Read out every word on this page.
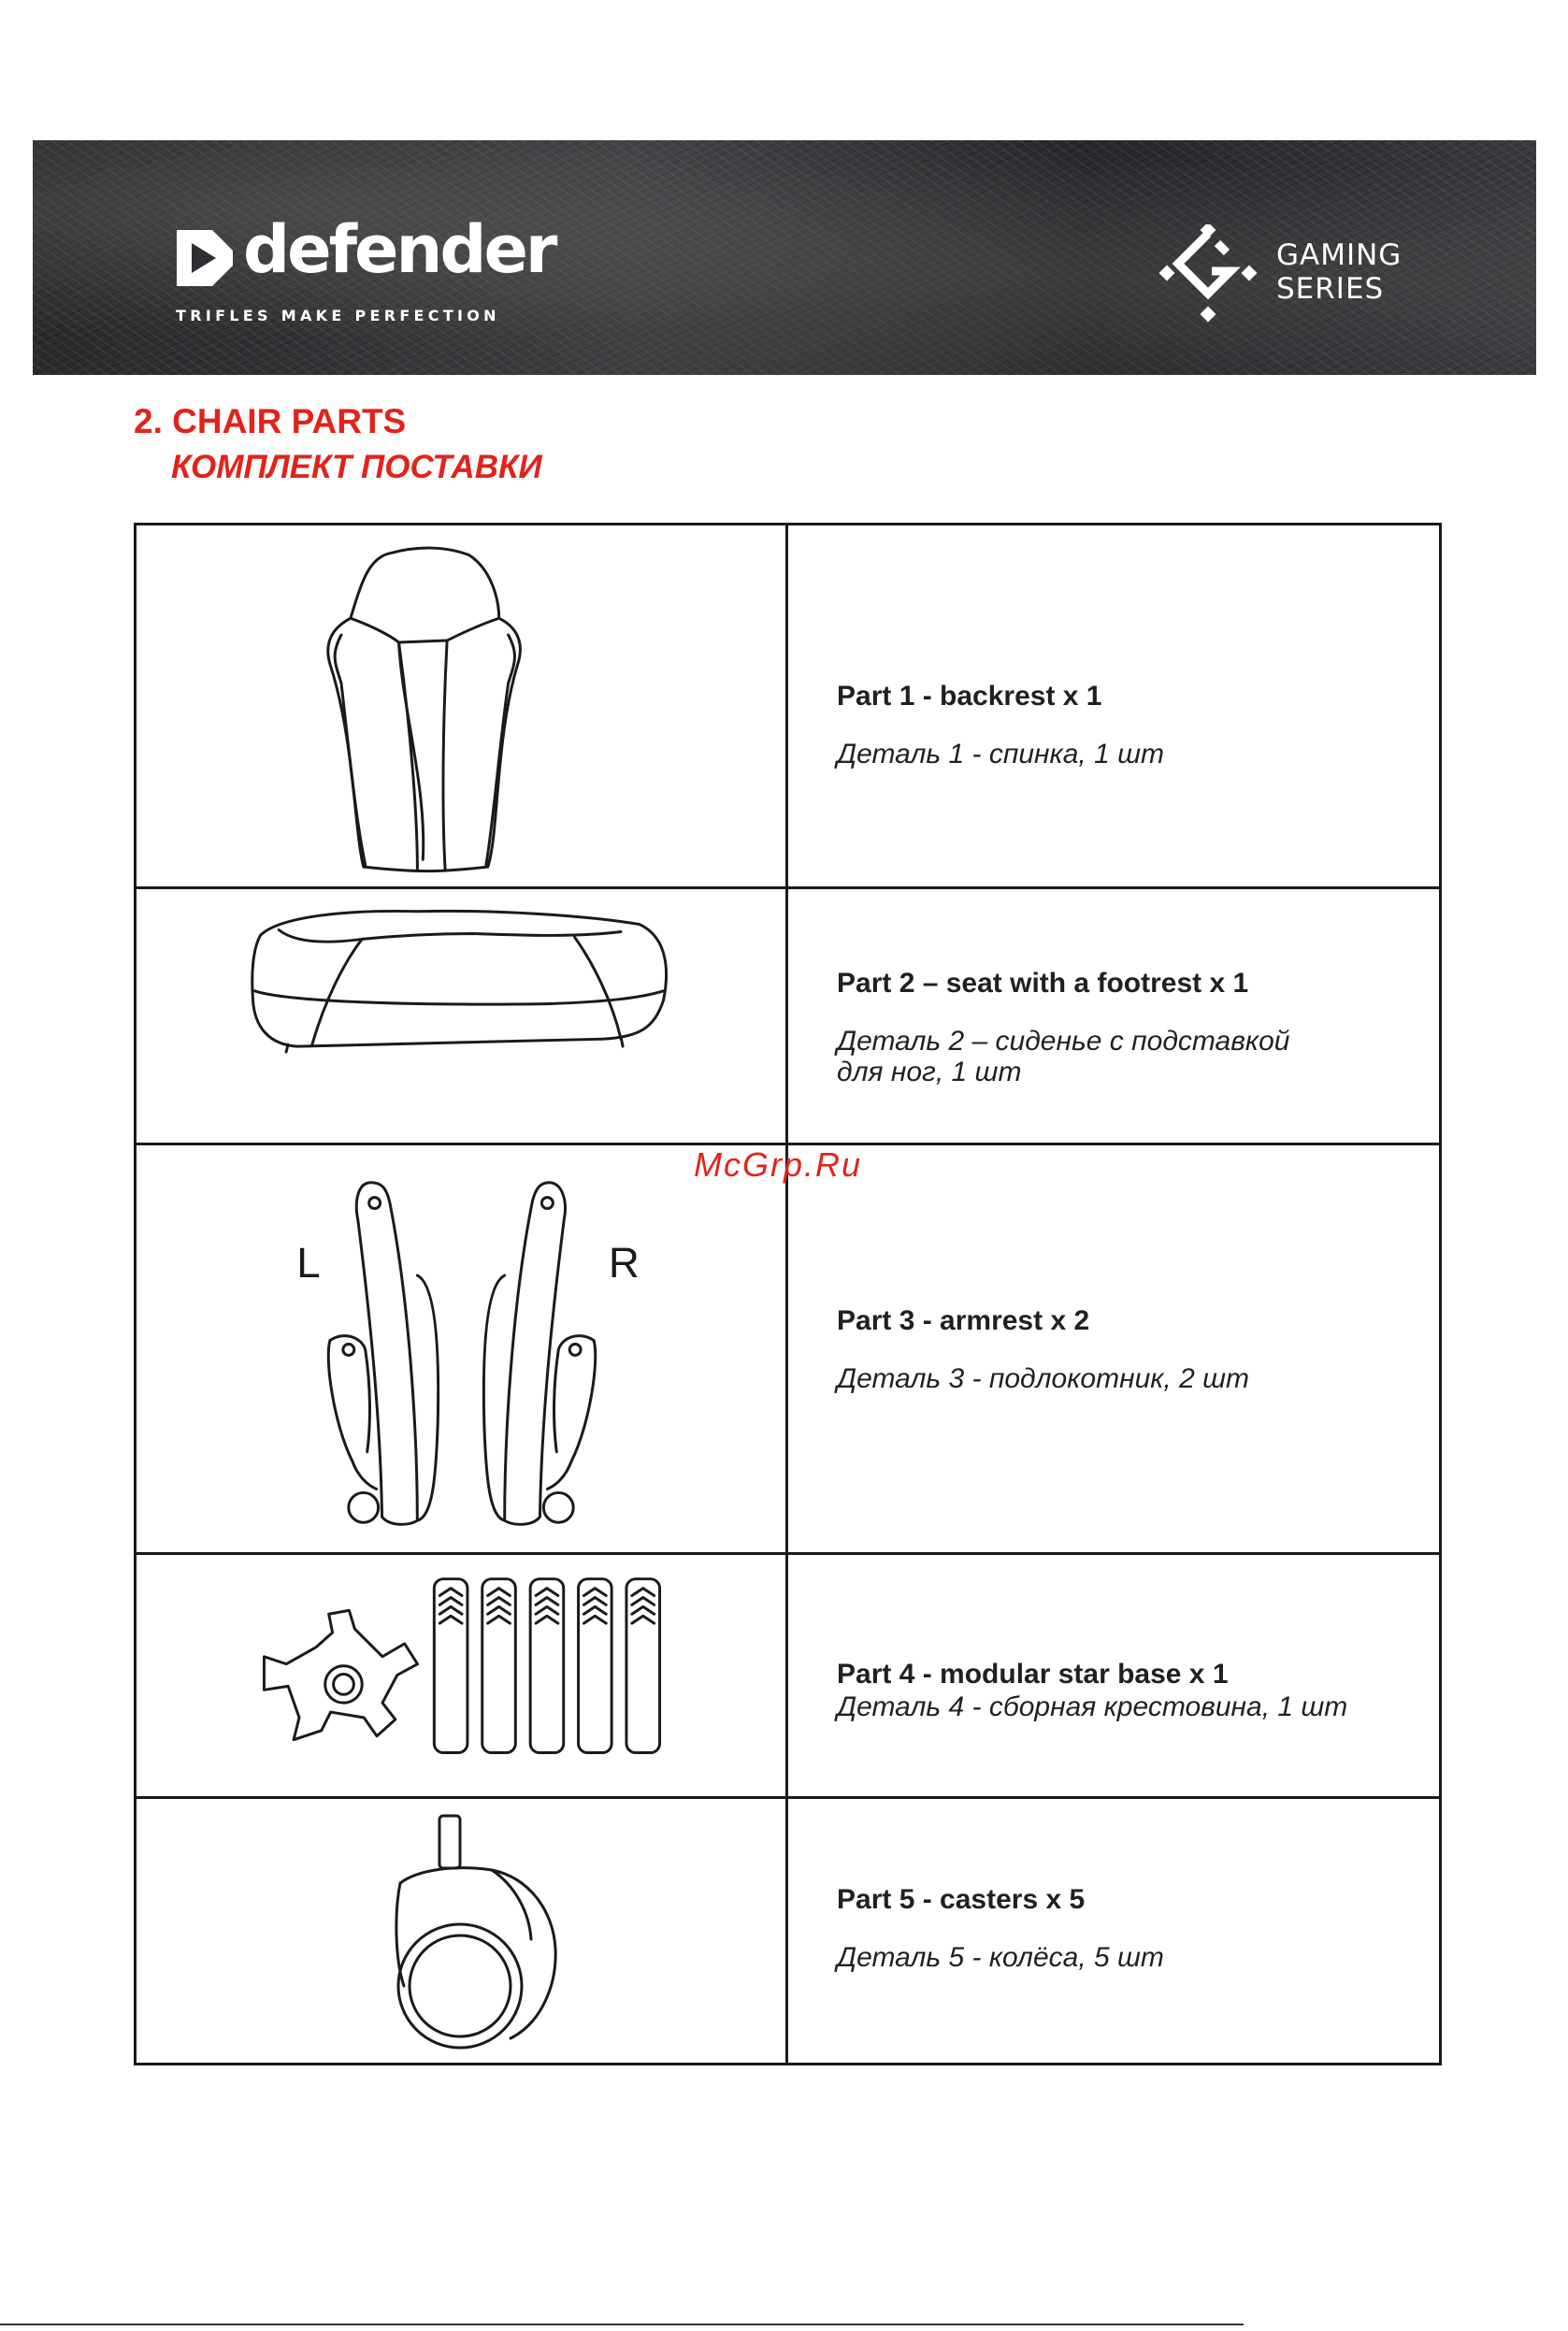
defender
TRIFLES MAKE PERFECTION
GAMING
SERIES
2. CHAIR PARTS
КОМПЛЕКТ ПОСТАВКИ

Part 1 - backrest x 1

Деталь 1 - спинка, 1 шт

Part 2 – seat with a footrest x 1

Деталь 2 – сиденье с подставкой

для ног, 1 шт

L	R

Part 3 - armrest x 2

Деталь 3 - подлокотник, 2 шт

Part 4 - modular star base x 1

Деталь 4 - сборная крестовина, 1 шт

Part 5 - casters x 5

Деталь 5 - колёса, 5 шт

McGrp.Ru
